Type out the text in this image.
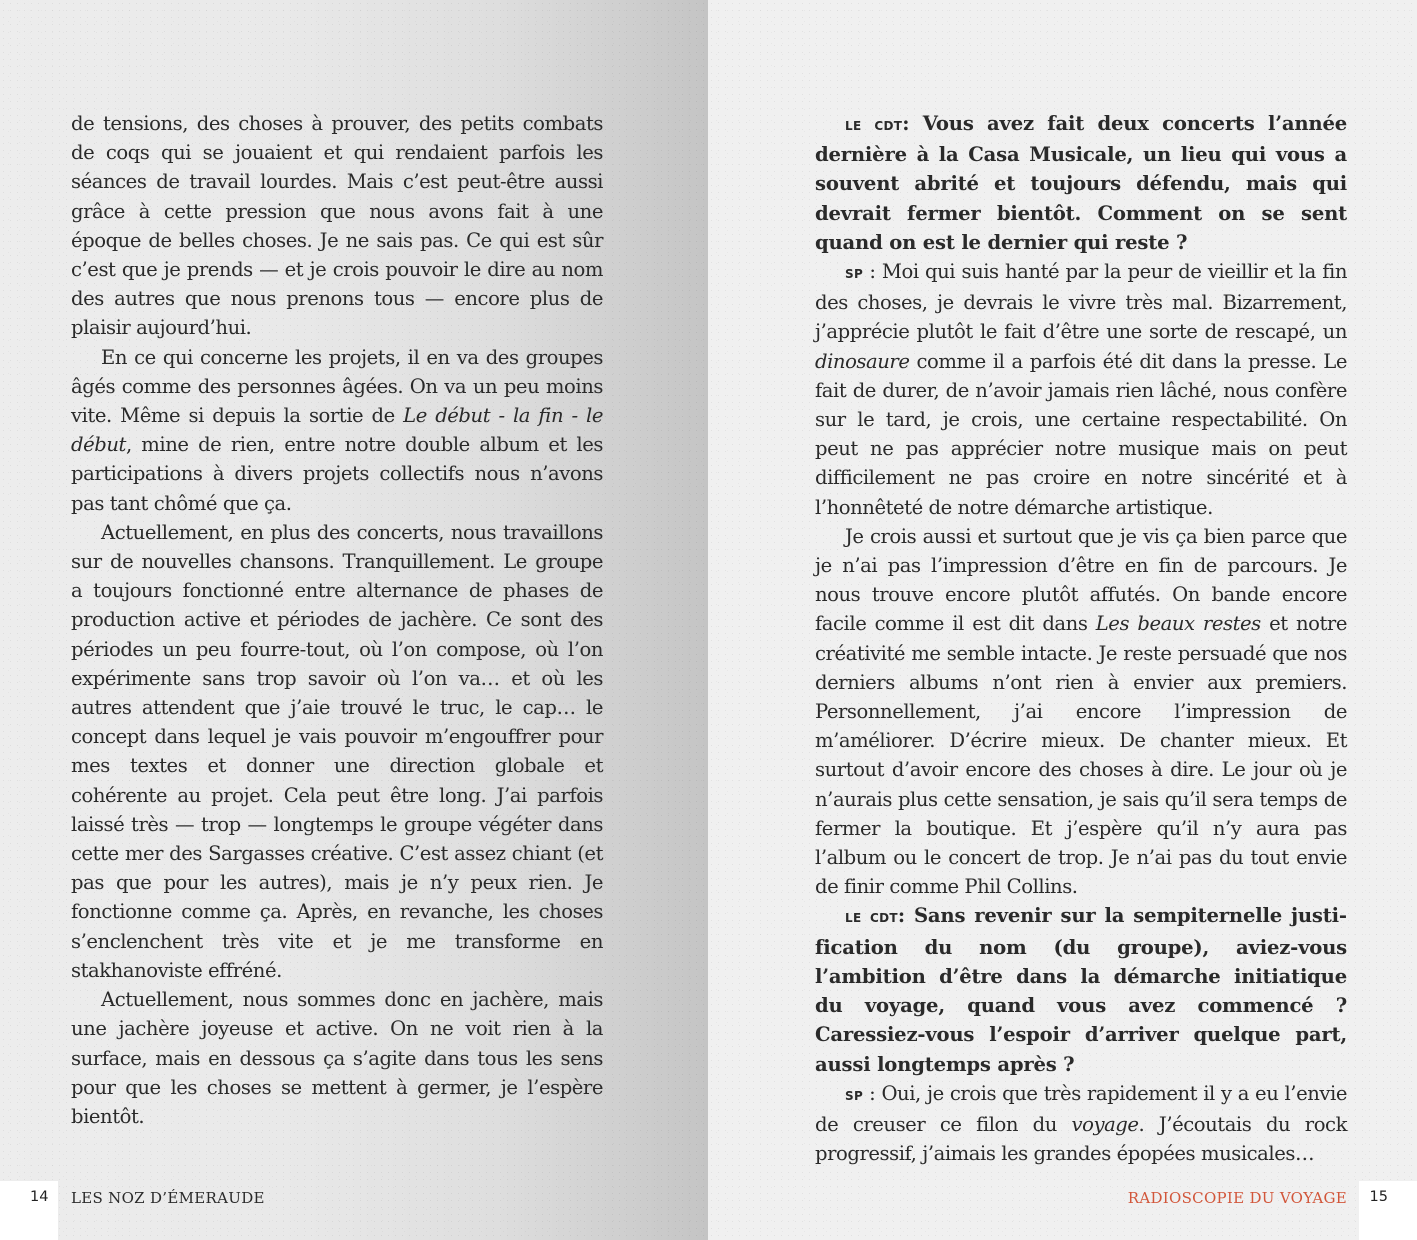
de tensions, des choses à prouver, des petits combats de coqs qui se jouaient et qui rendaient parfois les séances de travail lourdes. Mais c’est peut-être aussi grâce à cette pression que nous avons fait à une époque de belles choses. Je ne sais pas. Ce qui est sûr c’est que je prends — et je crois pouvoir le dire au nom des autres que nous prenons tous — encore plus de plaisir aujourd’hui.

En ce qui concerne les projets, il en va des groupes âgés comme des personnes âgées. On va un peu moins vite. Même si depuis la sortie de Le début - la fin - le début, mine de rien, entre notre double album et les participations à divers projets collectifs nous n’avons pas tant chômé que ça.

Actuellement, en plus des concerts, nous travaillons sur de nouvelles chansons. Tranquillement. Le groupe a toujours fonctionné entre alternance de phases de production active et périodes de jachère. Ce sont des périodes un peu fourre-tout, où l’on compose, où l’on expérimente sans trop savoir où l’on va… et où les autres attendent que j’aie trouvé le truc, le cap… le concept dans lequel je vais pouvoir m’engouffrer pour mes textes et donner une direction globale et cohérente au projet. Cela peut être long. J’ai parfois laissé très — trop — longtemps le groupe végéter dans cette mer des Sargasses créative. C’est assez chiant (et pas que pour les autres), mais je n’y peux rien. Je fonctionne comme ça. Après, en revanche, les choses s’enclenchent très vite et je me transforme en stakhanoviste effréné.

Actuellement, nous sommes donc en jachère, mais une jachère joyeuse et active. On ne voit rien à la surface, mais en dessous ça s’agite dans tous les sens pour que les choses se mettent à germer, je l’espère bientôt.

14 LES NOZ D’ÉMERAUDE

le cdt: Vous avez fait deux concerts l’année dernière à la Casa Musicale, un lieu qui vous a souvent abrité et toujours défendu, mais qui devrait fermer bientôt. Comment on se sent quand on est le dernier qui reste ?

sp : Moi qui suis hanté par la peur de vieillir et la fin des choses, je devrais le vivre très mal. Bizarrement, j’apprécie plutôt le fait d’être une sorte de rescapé, un dinosaure comme il a parfois été dit dans la presse. Le fait de durer, de n’avoir jamais rien lâché, nous confère sur le tard, je crois, une certaine respectabilité. On peut ne pas apprécier notre musique mais on peut difficilement ne pas croire en notre sincérité et à l’honnêteté de notre démarche artistique.

Je crois aussi et surtout que je vis ça bien parce que je n’ai pas l’impression d’être en fin de parcours. Je nous trouve encore plutôt affutés. On bande encore facile comme il est dit dans Les beaux restes et notre créativité me semble intacte. Je reste persuadé que nos derniers albums n’ont rien à envier aux premiers. Personnellement, j’ai encore l’impression de m’améliorer. D’écrire mieux. De chanter mieux. Et surtout d’avoir encore des choses à dire. Le jour où je n’aurais plus cette sensation, je sais qu’il sera temps de fermer la boutique. Et j’espère qu’il n’y aura pas l’album ou le concert de trop. Je n’ai pas du tout envie de finir comme Phil Collins.

le cdt: Sans revenir sur la sempiternelle justification du nom (du groupe), aviez-vous l’ambition d’être dans la démarche initiatique du voyage, quand vous avez commencé ? Caressiez-vous l’espoir d’arriver quelque part, aussi longtemps après ?

sp : Oui, je crois que très rapidement il y a eu l’envie de creuser ce filon du voyage. J’écoutais du rock progressif, j’aimais les grandes épopées musicales…

15
RADIOSCOPIE DU VOYAGE
